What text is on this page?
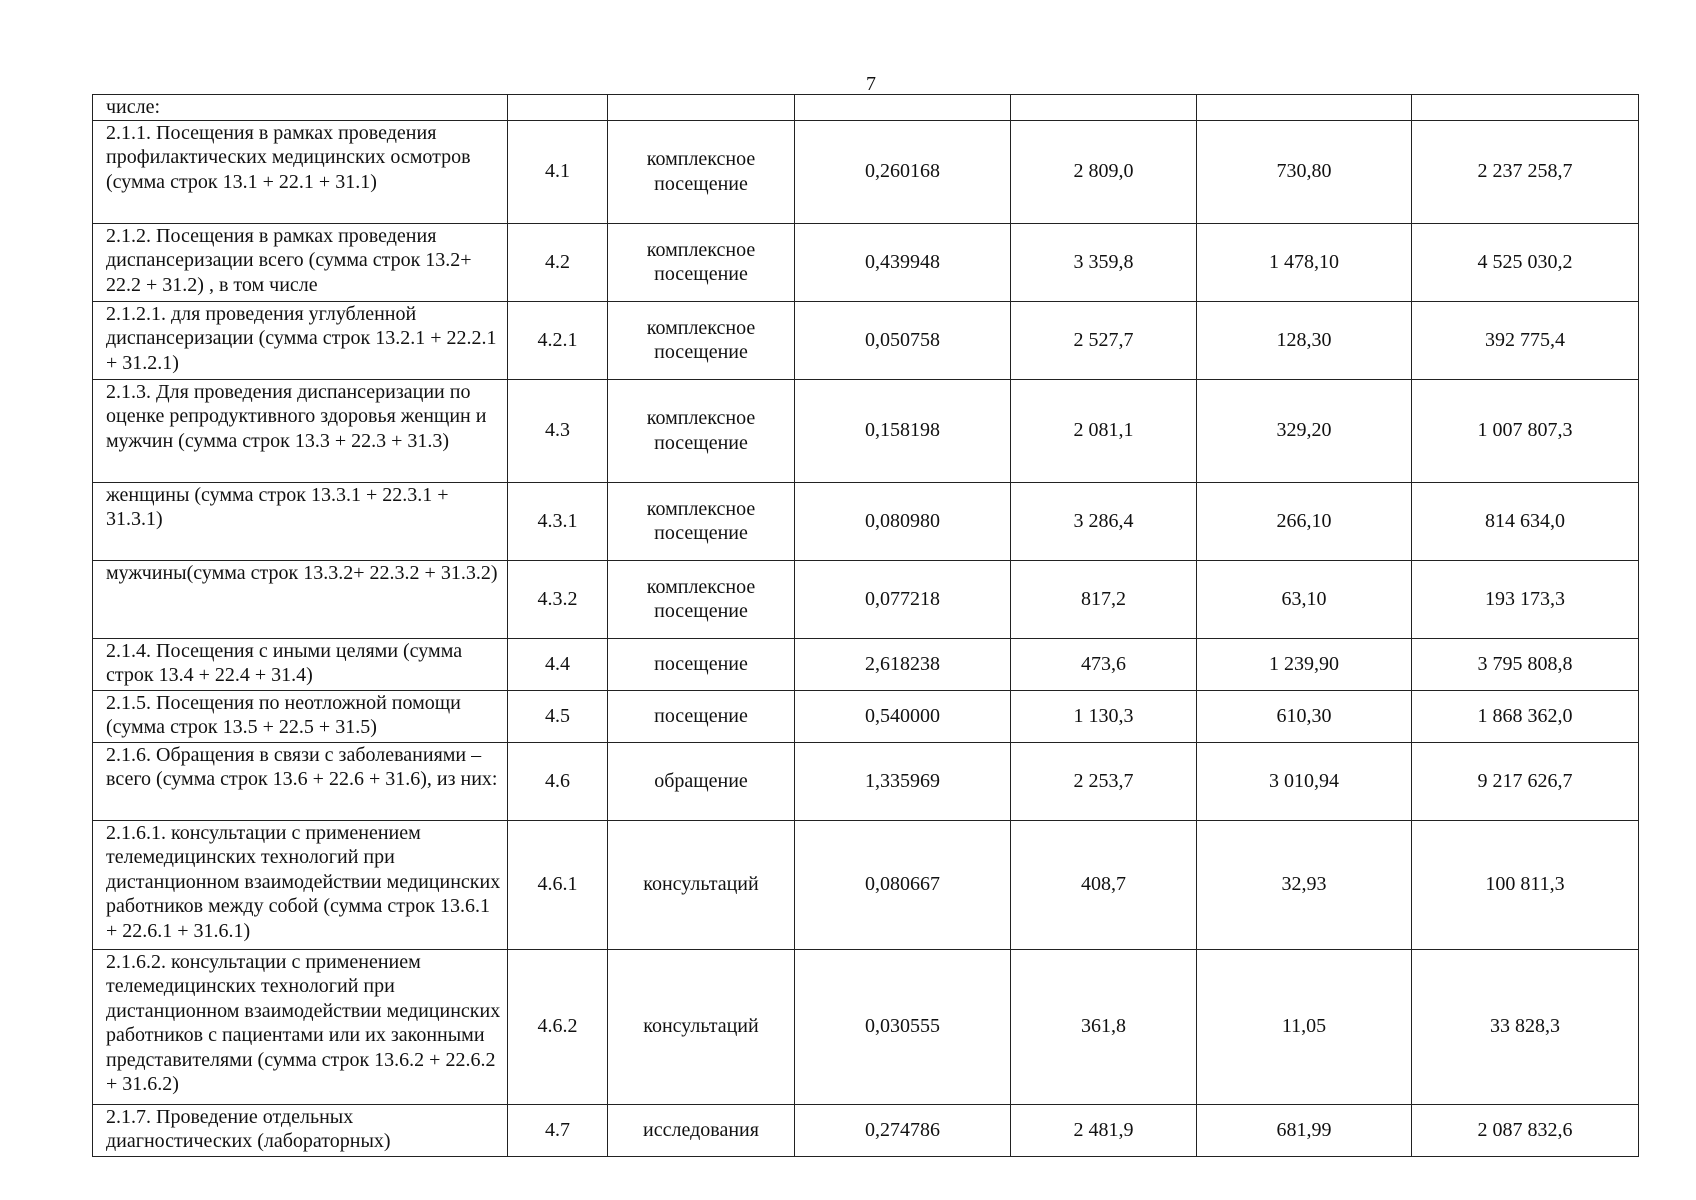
7
числе:						
2.1.1. Посещения в рамках проведения профилактических медицинских осмотров (сумма строк 13.1 + 22.1 + 31.1)	4.1	комплексное посещение	0,260168	2 809,0	730,80	2 237 258,7
2.1.2. Посещения в рамках проведения диспансеризации всего (сумма строк 13.2+ 22.2 + 31.2) , в том числе	4.2	комплексное посещение	0,439948	3 359,8	1 478,10	4 525 030,2
2.1.2.1. для проведения углубленной диспансеризации (сумма строк 13.2.1 + 22.2.1 + 31.2.1)	4.2.1	комплексное посещение	0,050758	2 527,7	128,30	392 775,4
2.1.3. Для проведения диспансеризации по оценке репродуктивного здоровья женщин и мужчин (сумма строк 13.3 + 22.3 + 31.3)	4.3	комплексное посещение	0,158198	2 081,1	329,20	1 007 807,3
женщины (сумма строк 13.3.1 + 22.3.1 + 31.3.1)	4.3.1	комплексное посещение	0,080980	3 286,4	266,10	814 634,0
мужчины(сумма строк 13.3.2+ 22.3.2 + 31.3.2)	4.3.2	комплексное посещение	0,077218	817,2	63,10	193 173,3
2.1.4. Посещения с иными целями (сумма строк 13.4 + 22.4 + 31.4)	4.4	посещение	2,618238	473,6	1 239,90	3 795 808,8
2.1.5. Посещения по неотложной помощи (сумма строк 13.5 + 22.5 + 31.5)	4.5	посещение	0,540000	1 130,3	610,30	1 868 362,0
2.1.6. Обращения в связи с заболеваниями – всего (сумма строк 13.6 + 22.6 + 31.6), из них:	4.6	обращение	1,335969	2 253,7	3 010,94	9 217 626,7
2.1.6.1. консультации с применением телемедицинских технологий при дистанционном взаимодействии медицинских работников между собой (сумма строк 13.6.1 + 22.6.1 + 31.6.1)	4.6.1	консультаций	0,080667	408,7	32,93	100 811,3
2.1.6.2. консультации с применением телемедицинских технологий при дистанционном взаимодействии медицинских работников с пациентами или их законными представителями (сумма строк 13.6.2 + 22.6.2 + 31.6.2)	4.6.2	консультаций	0,030555	361,8	11,05	33 828,3
2.1.7. Проведение отдельных диагностических (лабораторных)	4.7	исследования	0,274786	2 481,9	681,99	2 087 832,6
